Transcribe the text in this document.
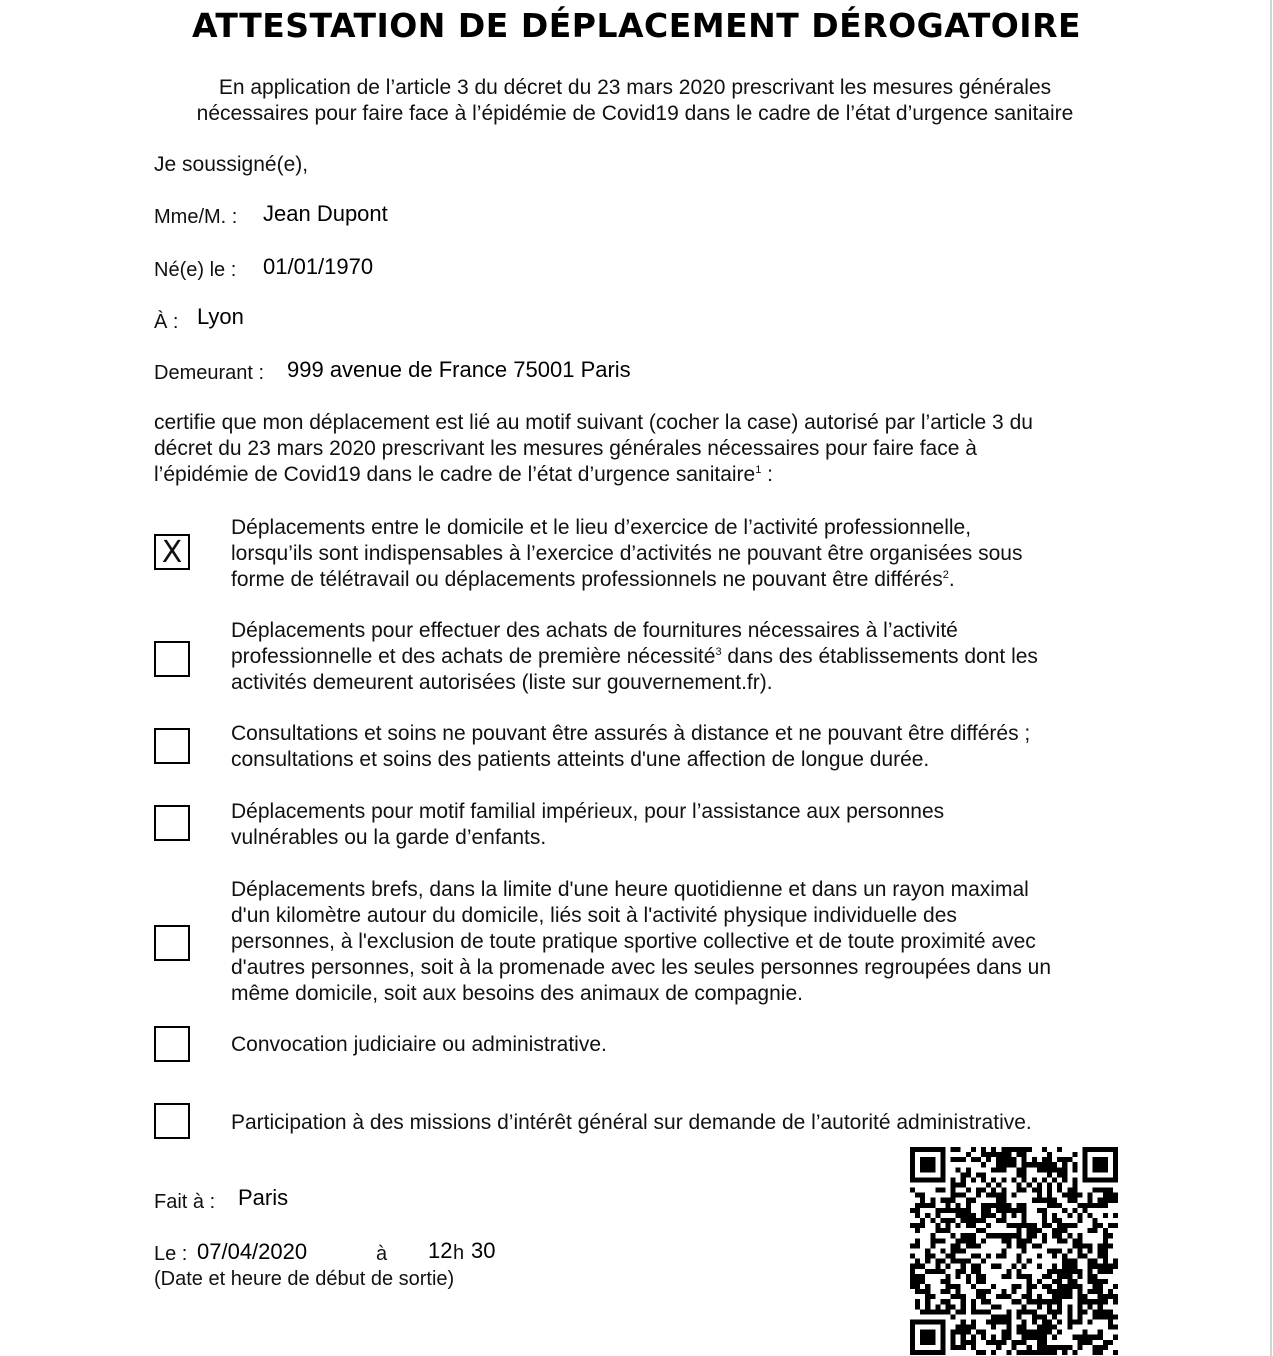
ATTESTATION DE DÉPLACEMENT DÉROGATOIRE
En application de l’article 3 du décret du 23 mars 2020 prescrivant les mesures générales
nécessaires pour faire face à l’épidémie de Covid19 dans le cadre de l’état d’urgence sanitaire
Je soussigné(e),
Mme/M. : Jean Dupont
Né(e) le : 01/01/1970
À : Lyon
Demeurant : 999 avenue de France 75001 Paris
certifie que mon déplacement est lié au motif suivant (cocher la case) autorisé par l’article 3 du
décret du 23 mars 2020 prescrivant les mesures générales nécessaires pour faire face à
l’épidémie de Covid19 dans le cadre de l’état d’urgence sanitaire$^1$ :
X
Déplacements entre le domicile et le lieu d’exercice de l’activité professionnelle,
lorsqu’ils sont indispensables à l’exercice d’activités ne pouvant être organisées sous
forme de télétravail ou déplacements professionnels ne pouvant être différés$^2$.
Déplacements pour effectuer des achats de fournitures nécessaires à l’activité
professionnelle et des achats de première nécessité$^3$ dans des établissements dont les
activités demeurent autorisées (liste sur gouvernement.fr).
Consultations et soins ne pouvant être assurés à distance et ne pouvant être différés ;
consultations et soins des patients atteints d'une affection de longue durée.
Déplacements pour motif familial impérieux, pour l’assistance aux personnes
vulnérables ou la garde d’enfants.
Déplacements brefs, dans la limite d'une heure quotidienne et dans un rayon maximal
d'un kilomètre autour du domicile, liés soit à l'activité physique individuelle des
personnes, à l'exclusion de toute pratique sportive collective et de toute proximité avec
d'autres personnes, soit à la promenade avec les seules personnes regroupées dans un
même domicile, soit aux besoins des animaux de compagnie.
Convocation judiciaire ou administrative.
Participation à des missions d’intérêt général sur demande de l’autorité administrative.
Fait à : Paris
Le : 07/04/2020	à 12 h 30
(Date et heure de début de sortie)
